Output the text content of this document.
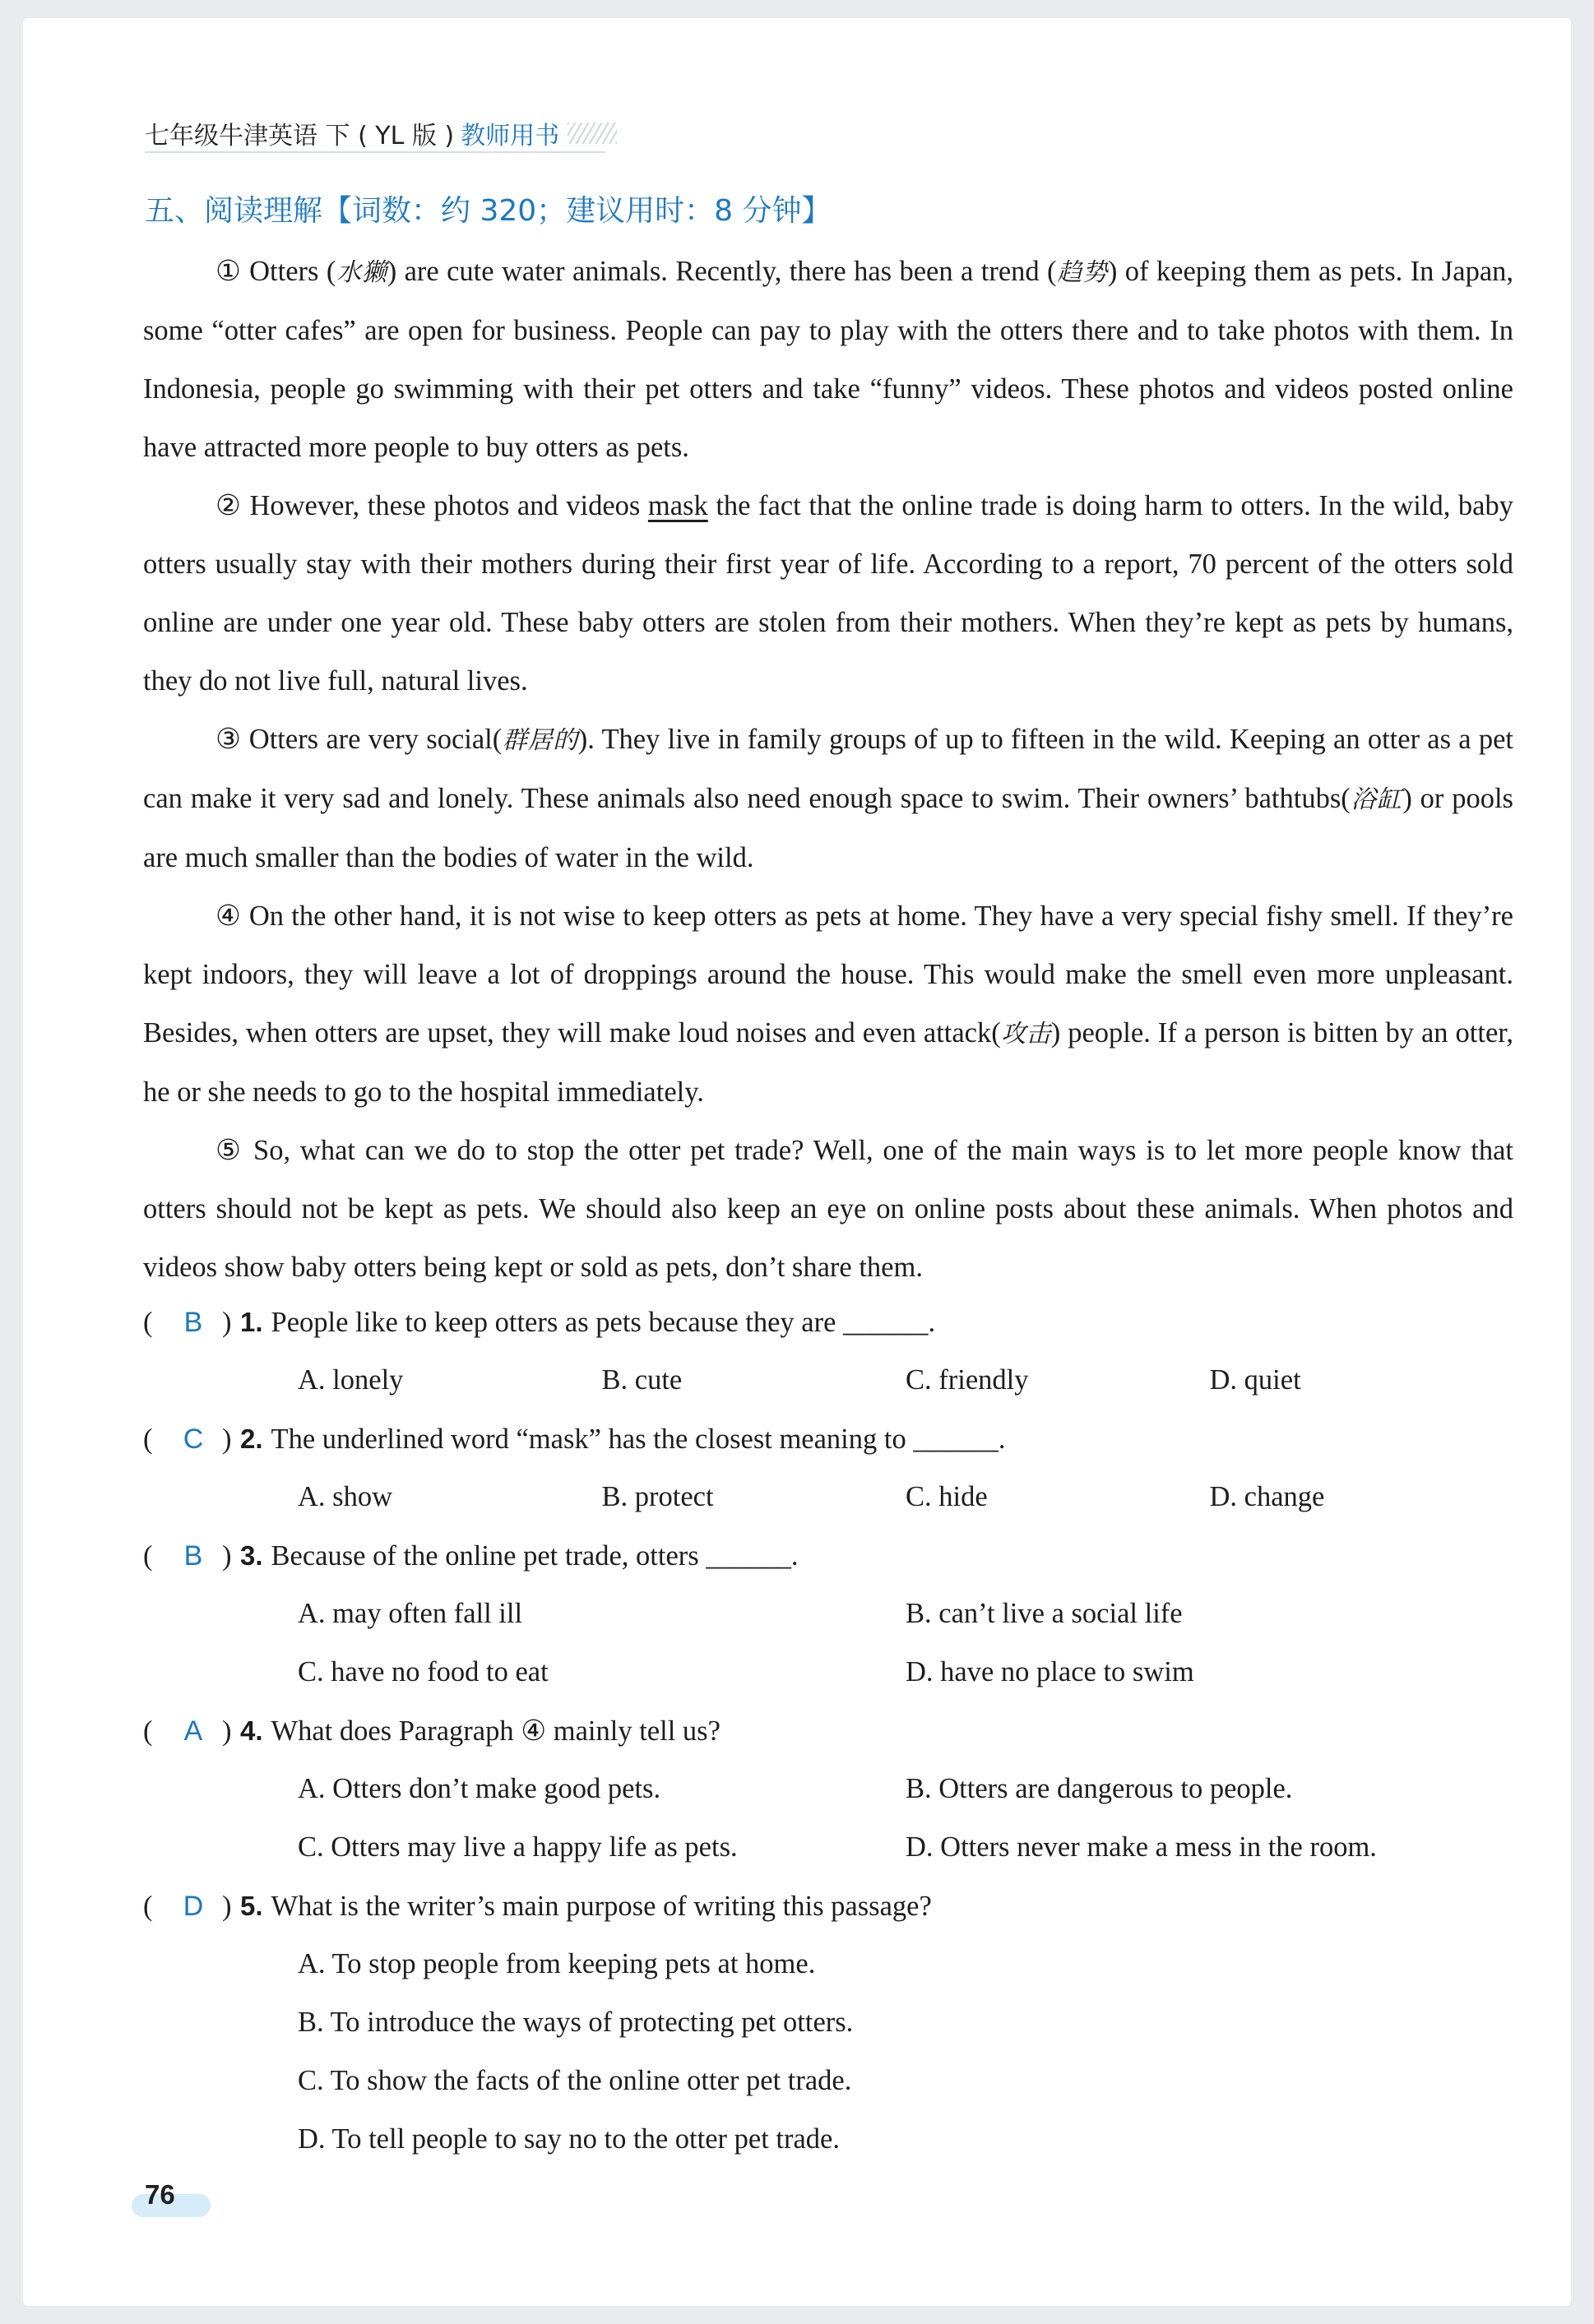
七年级牛津英语 下 ( YL 版 ) 教师用书
五、阅读理解【词数：约 320；建议用时：8 分钟】

① Otters (水獭) are cute water animals. Recently, there has been a trend (趋势) of keeping them as pets. In Japan, some “otter cafes” are open for business. People can pay to play with the otters there and to take photos with them. In Indonesia, people go swimming with their pet otters and take “funny” videos. These photos and videos posted online have attracted more people to buy otters as pets.

② However, these photos and videos mask the fact that the online trade is doing harm to otters. In the wild, baby otters usually stay with their mothers during their first year of life. According to a report, 70 percent of the otters sold online are under one year old. These baby otters are stolen from their mothers. When they’re kept as pets by humans, they do not live full, natural lives.

③ Otters are very social(群居的). They live in family groups of up to fifteen in the wild. Keeping an otter as a pet can make it very sad and lonely. These animals also need enough space to swim. Their owners’ bathtubs(浴缸) or pools are much smaller than the bodies of water in the wild.

④ On the other hand, it is not wise to keep otters as pets at home. They have a very special fishy smell. If they’re kept indoors, they will leave a lot of droppings around the house. This would make the smell even more unpleasant. Besides, when otters are upset, they will make loud noises and even attack(攻击) people. If a person is bitten by an otter, he or she needs to go to the hospital immediately.

⑤ So, what can we do to stop the otter pet trade? Well, one of the main ways is to let more people know that otters should not be kept as pets. We should also keep an eye on online posts about these animals. When photos and videos show baby otters being kept or sold as pets, don’t share them.

(	B ) 1. People like to keep otters as pets because they are ______.
A. lonely	B. cute	C. friendly	D. quiet
(	C ) 2. The underlined word “mask” has the closest meaning to ______.
A. show	B. protect	C. hide	D. change
(	B ) 3. Because of the online pet trade, otters ______.
A. may often fall ill	B. can’t live a social life
C. have no food to eat	D. have no place to swim
(	A ) 4. What does Paragraph ④ mainly tell us?
A. Otters don’t make good pets.	B. Otters are dangerous to people.
C. Otters may live a happy life as pets.	D. Otters never make a mess in the room.
(	D ) 5. What is the writer’s main purpose of writing this passage?
A. To stop people from keeping pets at home.
B. To introduce the ways of protecting pet otters.
C. To show the facts of the online otter pet trade.
D. To tell people to say no to the otter pet trade.
76
